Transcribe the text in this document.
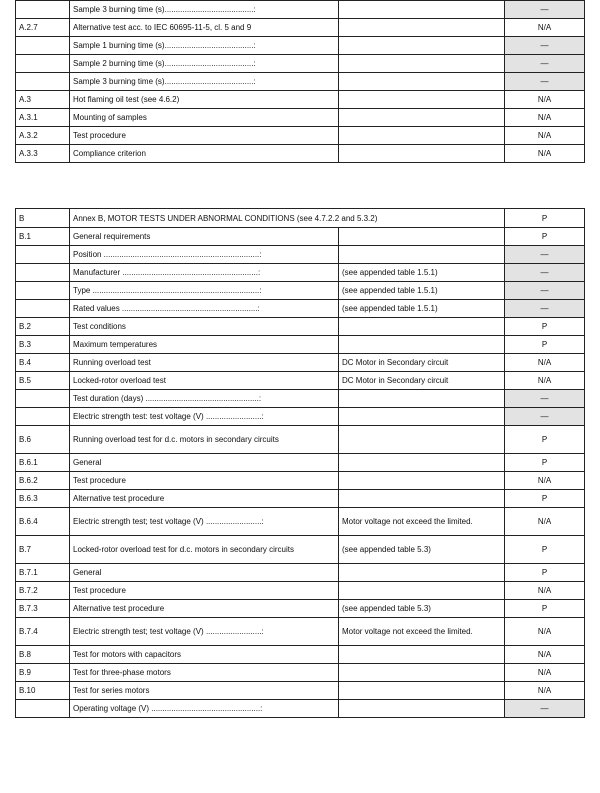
	Sample 3 burning time (s)........................................:		—
A.2.7	Alternative test acc. to IEC 60695-11-5, cl. 5 and 9		N/A
	Sample 1 burning time (s)........................................:		—
	Sample 2 burning time (s)........................................:		—
	Sample 3 burning time (s)........................................:		—
A.3	Hot flaming oil test (see 4.6.2)		N/A
A.3.1	Mounting of samples		N/A
A.3.2	Test procedure		N/A
A.3.3	Compliance criterion		N/A
B	Annex B, MOTOR TESTS UNDER ABNORMAL CONDITIONS (see 4.7.2.2 and 5.3.2)		P
B.1	General requirements		P
	Position ......................................................................:		—
	Manufacturer .............................................................:	(see appended table 1.5.1)	—
	Type ...........................................................................:	(see appended table 1.5.1)	—
	Rated values .............................................................:	(see appended table 1.5.1)	—
B.2	Test conditions		P
B.3	Maximum temperatures		P
B.4	Running overload test	DC Motor in Secondary circuit	N/A
B.5	Locked-rotor overload test	DC Motor in Secondary circuit	N/A
	Test duration (days) ...................................................:		—
	Electric strength test: test voltage (V) .........................:		—
B.6	Running overload test for d.c. motors in secondary circuits		P
B.6.1	General		P
B.6.2	Test procedure		N/A
B.6.3	Alternative test procedure		P
B.6.4	Electric strength test; test voltage (V) .........................:	Motor voltage not exceed the limited.	N/A
B.7	Locked-rotor overload test for d.c. motors in secondary circuits	(see appended table 5.3)	P
B.7.1	General		P
B.7.2	Test procedure		N/A
B.7.3	Alternative test procedure	(see appended table 5.3)	P
B.7.4	Electric strength test; test voltage (V) .........................:	Motor voltage not exceed the limited.	N/A
B.8	Test for motors with capacitors		N/A
B.9	Test for three-phase motors		N/A
B.10	Test for series motors		N/A
	Operating voltage (V) .................................................:		—
